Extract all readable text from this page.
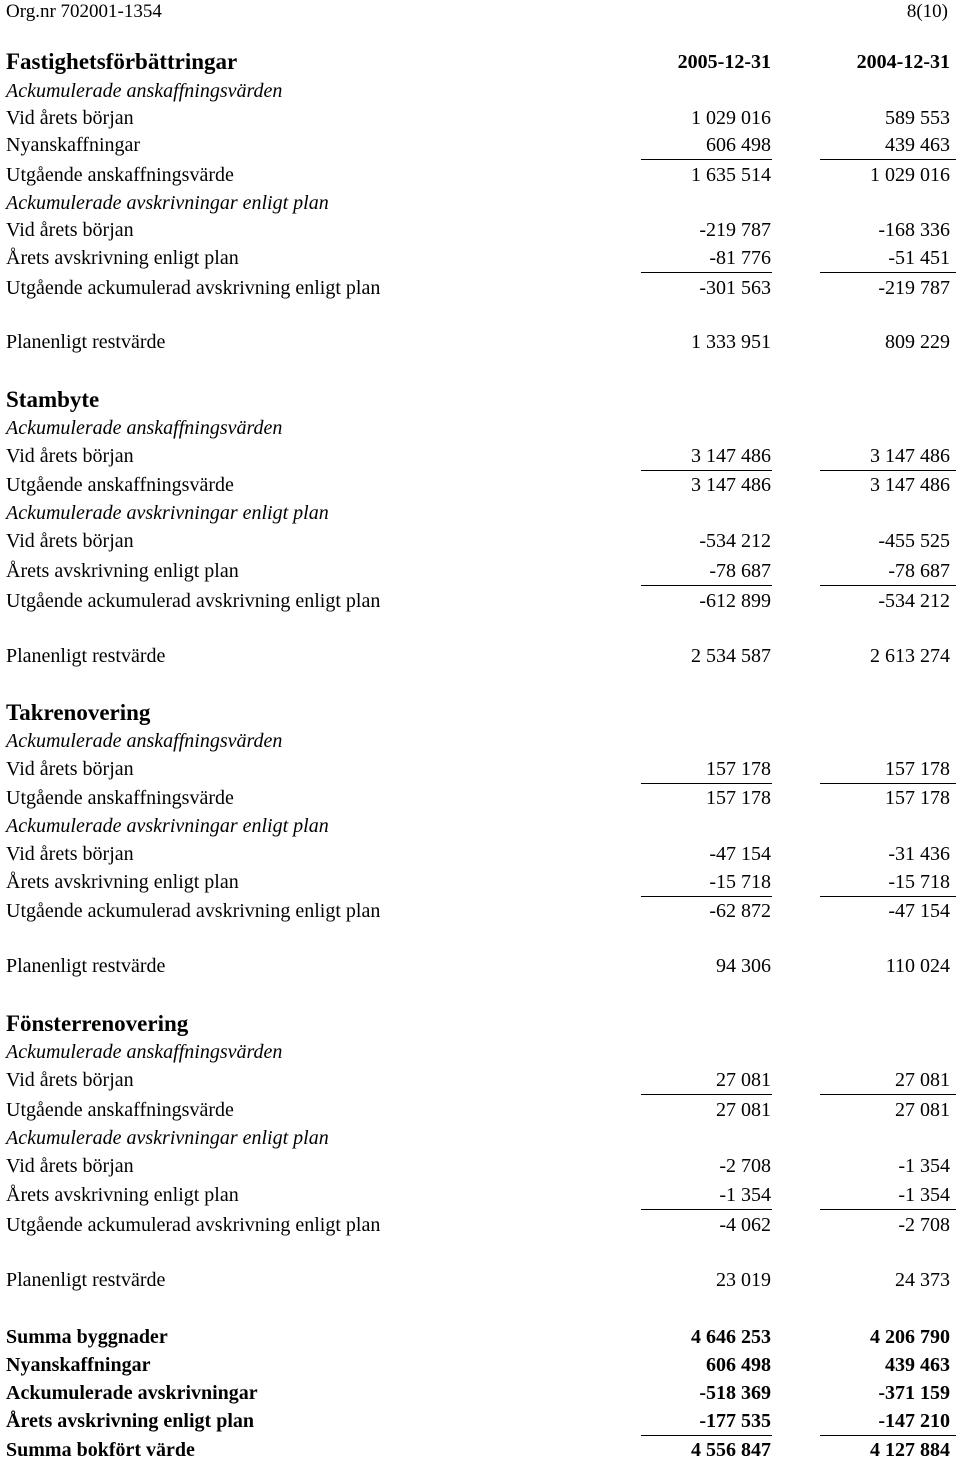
Org.nr 702001-1354	8(10)
Fastighetsförbättringar	2005-12-31	2004-12-31
Ackumulerade anskaffningsvärden
Vid årets början	1 029 016	589 553
Nyanskaffningar	606 498	439 463
Utgående anskaffningsvärde	1 635 514	1 029 016
Ackumulerade avskrivningar enligt plan
Vid årets början	-219 787	-168 336
Årets avskrivning enligt plan	-81 776	-51 451
Utgående ackumulerad avskrivning enligt plan	-301 563	-219 787
Planenligt restvärde	1 333 951	809 229
Stambyte
Ackumulerade anskaffningsvärden
Vid årets början	3 147 486	3 147 486
Utgående anskaffningsvärde	3 147 486	3 147 486
Ackumulerade avskrivningar enligt plan
Vid årets början	-534 212	-455 525
Årets avskrivning enligt plan	-78 687	-78 687
Utgående ackumulerad avskrivning enligt plan	-612 899	-534 212
Planenligt restvärde	2 534 587	2 613 274
Takrenovering
Ackumulerade anskaffningsvärden
Vid årets början	157 178	157 178
Utgående anskaffningsvärde	157 178	157 178
Ackumulerade avskrivningar enligt plan
Vid årets början	-47 154	-31 436
Årets avskrivning enligt plan	-15 718	-15 718
Utgående ackumulerad avskrivning enligt plan	-62 872	-47 154
Planenligt restvärde	94 306	110 024
Fönsterrenovering
Ackumulerade anskaffningsvärden
Vid årets början	27 081	27 081
Utgående anskaffningsvärde	27 081	27 081
Ackumulerade avskrivningar enligt plan
Vid årets början	-2 708	-1 354
Årets avskrivning enligt plan	-1 354	-1 354
Utgående ackumulerad avskrivning enligt plan	-4 062	-2 708
Planenligt restvärde	23 019	24 373
Summa byggnader	4 646 253	4 206 790
Nyanskaffningar	606 498	439 463
Ackumulerade avskrivningar	-518 369	-371 159
Årets avskrivning enligt plan	-177 535	-147 210
Summa bokfört värde	4 556 847	4 127 884
